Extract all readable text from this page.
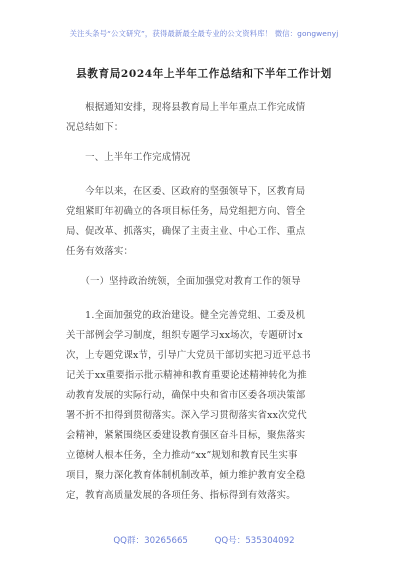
关注头条号“公文研究”，获得最新最全最专业的公文资料库！ 微信：gongwenyj
县教育局2024年上半年工作总结和下半年工作计划
　　根据通知安排，现将县教育局上半年重点工作完成情
况总结如下：
　　一、上半年工作完成情况
　　今年以来，在区委、区政府的坚强领导下，区教育局
党组紧盯年初确立的各项目标任务，局党组把方向、管全
局、促改革、抓落实，确保了主责主业、中心工作、重点
任务有效落实：
　　（一）坚持政治统领，全面加强党对教育工作的领导
　　1.全面加强党的政治建设。健全完善党组、工委及机
关干部例会学习制度，组织专题学习xx场次，专题研讨x
次，上专题党课x节，引导广大党员干部切实把习近平总书
记关于xx重要指示批示精神和教育重要论述精神转化为推
动教育发展的实际行动，确保中央和省市区委各项决策部
署不折不扣得到贯彻落实。深入学习贯彻落实省xx次党代
会精神，紧紧围绕区委建设教育强区奋斗目标，聚焦落实
立德树人根本任务，全力推动“xx”规划和教育民生实事
项目，聚力深化教育体制机制改革，倾力维护教育安全稳
定，教育高质量发展的各项任务、指标得到有效落实。
QQ群：30265665	QQ号：535304092
